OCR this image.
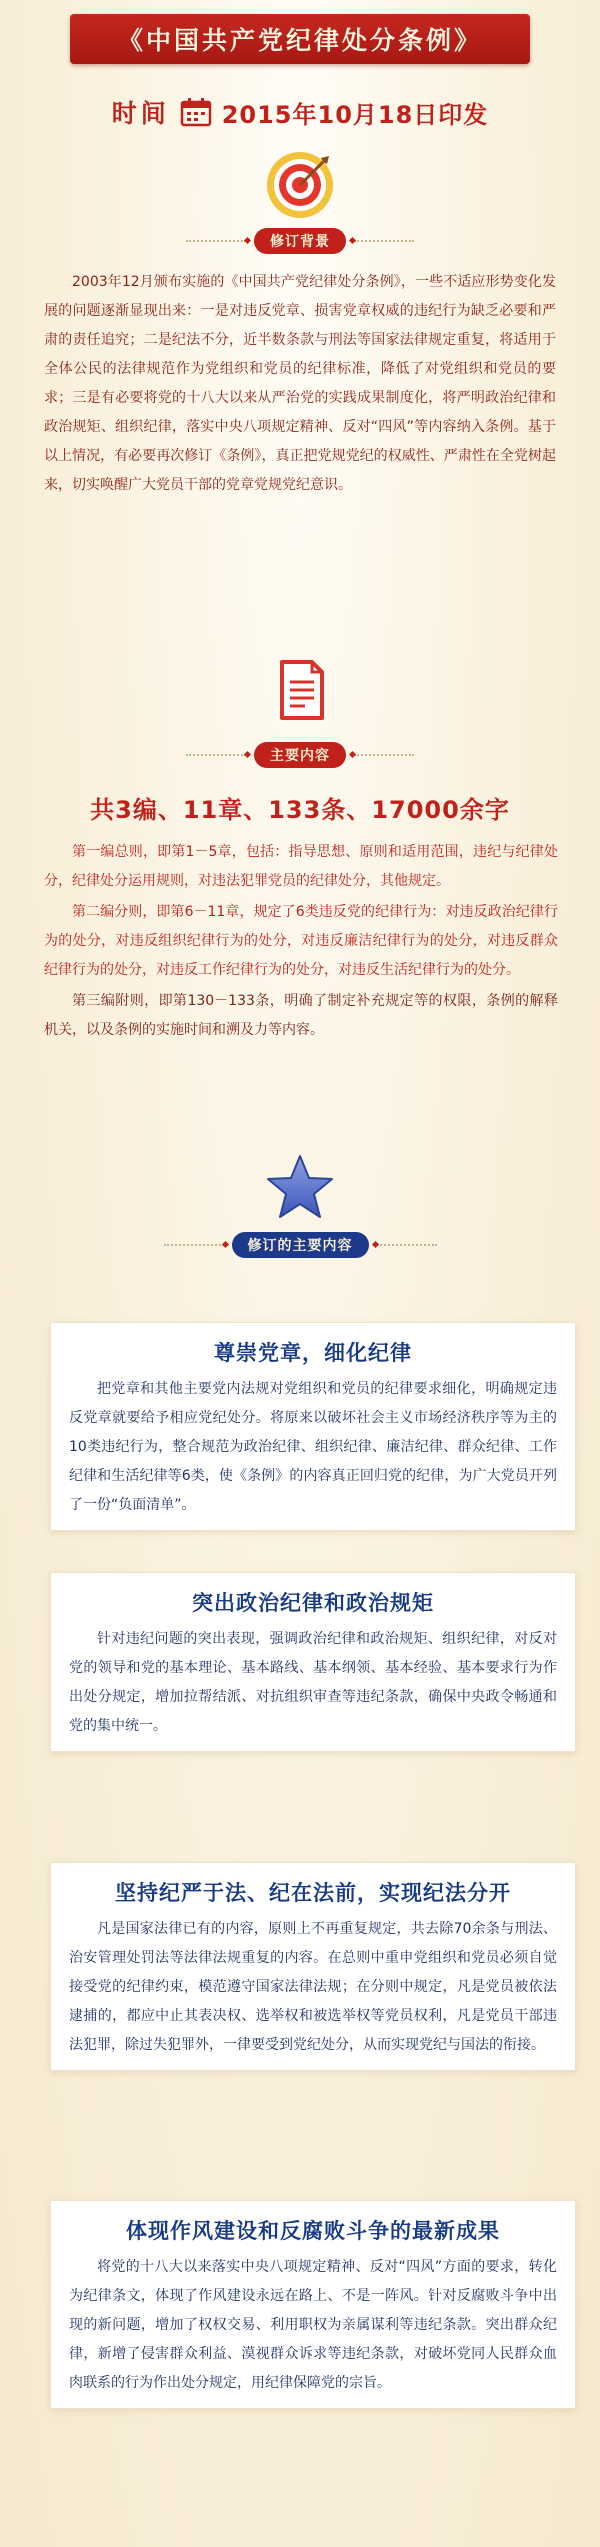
《中国共产党纪律处分条例》
时间 2015年10月18日印发
修订背景

2003年12月颁布实施的《中国共产党纪律处分条例》，一些不适应形势变化发展的问题逐渐显现出来：一是对违反党章、损害党章权威的违纪行为缺乏必要和严肃的责任追究；二是纪法不分，近半数条款与刑法等国家法律规定重复，将适用于全体公民的法律规范作为党组织和党员的纪律标准，降低了对党组织和党员的要求；三是有必要将党的十八大以来从严治党的实践成果制度化，将严明政治纪律和政治规矩、组织纪律，落实中央八项规定精神、反对“四风”等内容纳入条例。基于以上情况，有必要再次修订《条例》，真正把党规党纪的权威性、严肃性在全党树起来，切实唤醒广大党员干部的党章党规党纪意识。

主要内容
共3编、11章、133条、17000余字

第一编总则，即第1－5章，包括：指导思想、原则和适用范围，违纪与纪律处分，纪律处分运用规则，对违法犯罪党员的纪律处分，其他规定。

第二编分则，即第6－11章，规定了6类违反党的纪律行为：对违反政治纪律行为的处分，对违反组织纪律行为的处分，对违反廉洁纪律行为的处分，对违反群众纪律行为的处分，对违反工作纪律行为的处分，对违反生活纪律行为的处分。

第三编附则，即第130－133条，明确了制定补充规定等的权限，条例的解释机关，以及条例的实施时间和溯及力等内容。

修订的主要内容
尊崇党章，细化纪律
把党章和其他主要党内法规对党组织和党员的纪律要求细化，明确规定违反党章就要给予相应党纪处分。将原来以破坏社会主义市场经济秩序等为主的10类违纪行为，整合规范为政治纪律、组织纪律、廉洁纪律、群众纪律、工作纪律和生活纪律等6类，使《条例》的内容真正回归党的纪律，为广大党员开列了一份“负面清单”。
突出政治纪律和政治规矩
针对违纪问题的突出表现，强调政治纪律和政治规矩、组织纪律，对反对党的领导和党的基本理论、基本路线、基本纲领、基本经验、基本要求行为作出处分规定，增加拉帮结派、对抗组织审查等违纪条款，确保中央政令畅通和党的集中统一。
坚持纪严于法、纪在法前，实现纪法分开
凡是国家法律已有的内容，原则上不再重复规定，共去除70余条与刑法、治安管理处罚法等法律法规重复的内容。在总则中重申党组织和党员必须自觉接受党的纪律约束，模范遵守国家法律法规；在分则中规定，凡是党员被依法逮捕的，都应中止其表决权、选举权和被选举权等党员权利，凡是党员干部违法犯罪，除过失犯罪外，一律要受到党纪处分，从而实现党纪与国法的衔接。
体现作风建设和反腐败斗争的最新成果
将党的十八大以来落实中央八项规定精神、反对“四风”方面的要求，转化为纪律条文，体现了作风建设永远在路上、不是一阵风。针对反腐败斗争中出现的新问题，增加了权权交易、利用职权为亲属谋利等违纪条款。突出群众纪律，新增了侵害群众利益、漠视群众诉求等违纪条款，对破坏党同人民群众血肉联系的行为作出处分规定，用纪律保障党的宗旨。
